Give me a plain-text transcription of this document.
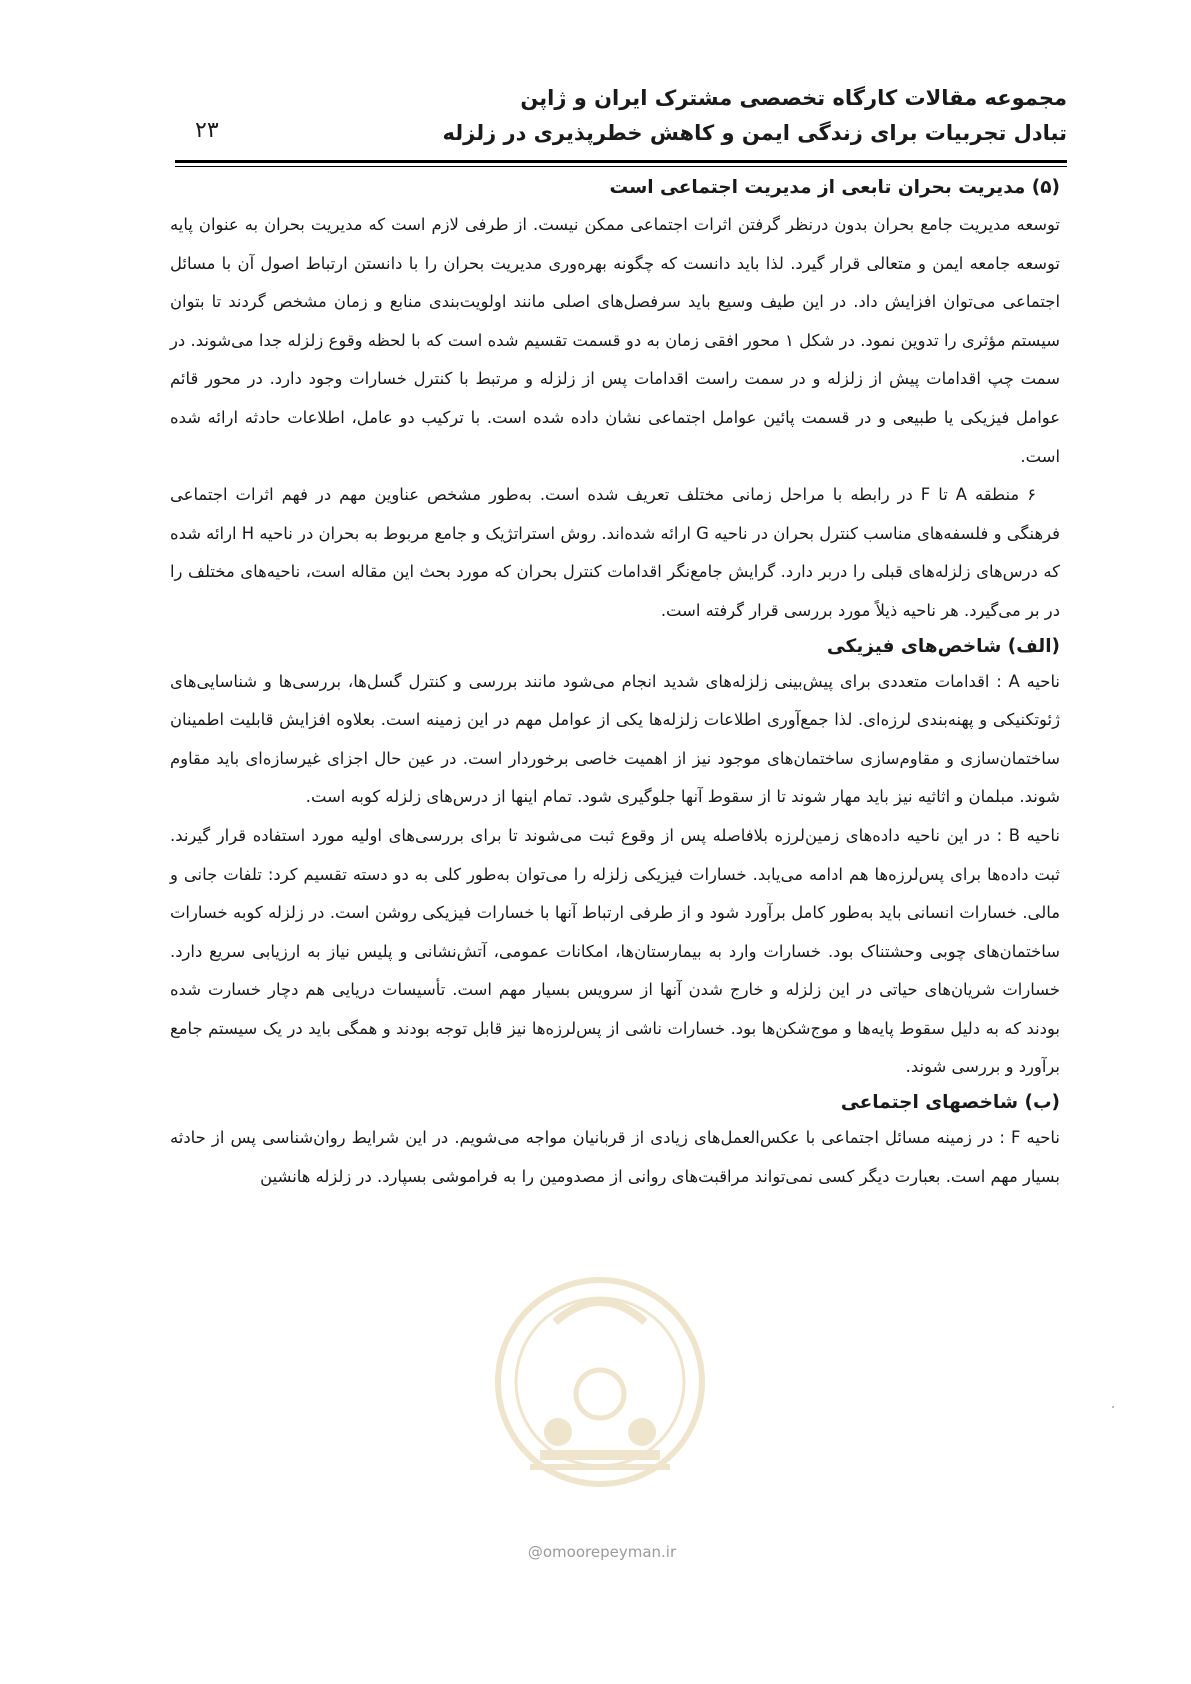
مجموعه مقالات کارگاه تخصصی مشترک ایران و ژاپن
تبادل تجربیات برای زندگی ایمن و کاهش خطرپذیری در زلزله
۲۳
(۵) مدیریت بحران تابعی از مدیریت اجتماعی است

توسعه مدیریت جامع بحران بدون درنظر گرفتن اثرات اجتماعی ممکن نیست. از طرفی لازم است که مدیریت بحران به عنوان پایه توسعه جامعه ایمن و متعالی قرار گیرد. لذا باید دانست که چگونه بهره‌وری مدیریت بحران را با دانستن ارتباط اصول آن با مسائل اجتماعی می‌توان افزایش داد. در این طیف وسیع باید سرفصل‌های اصلی مانند اولویت‌بندی منابع و زمان مشخص گردند تا بتوان سیستم مؤثری را تدوین نمود. در شکل ۱ محور افقی زمان به دو قسمت تقسیم شده است که با لحظه وقوع زلزله جدا می‌شوند. در سمت چپ اقدامات پیش از زلزله و در سمت راست اقدامات پس از زلزله و مرتبط با کنترل خسارات وجود دارد. در محور قائم عوامل فیزیکی یا طبیعی و در قسمت پائین عوامل اجتماعی نشان داده شده است. با ترکیب دو عامل، اطلاعات حادثه ارائه شده است.

۶ منطقه A تا F در رابطه با مراحل زمانی مختلف تعریف شده است. به‌طور مشخص عناوین مهم در فهم اثرات اجتماعی فرهنگی و فلسفه‌های مناسب کنترل بحران در ناحیه G ارائه شده‌اند. روش استراتژیک و جامع مربوط به بحران در ناحیه H ارائه شده که درس‌های زلزله‌های قبلی را دربر دارد. گرایش جامع‌نگر اقدامات کنترل بحران که مورد بحث این مقاله است، ناحیه‌های مختلف را در بر می‌گیرد. هر ناحیه ذیلاً مورد بررسی قرار گرفته است.

(الف) شاخص‌های فیزیکی

ناحیه A : اقدامات متعددی برای پیش‌بینی زلزله‌های شدید انجام می‌شود مانند بررسی و کنترل گسل‌ها، بررسی‌ها و شناسایی‌های ژئوتکنیکی و پهنه‌بندی لرزه‌ای. لذا جمع‌آوری اطلاعات زلزله‌ها یکی از عوامل مهم در این زمینه است. بعلاوه افزایش قابلیت اطمینان ساختمان‌سازی و مقاوم‌سازی ساختمان‌های موجود نیز از اهمیت خاصی برخوردار است. در عین حال اجزای غیرسازه‌ای باید مقاوم شوند. مبلمان و اثاثیه نیز باید مهار شوند تا از سقوط آنها جلوگیری شود. تمام اینها از درس‌های زلزله کوبه است.

ناحیه B : در این ناحیه داده‌های زمین‌لرزه بلافاصله پس از وقوع ثبت می‌شوند تا برای بررسی‌های اولیه مورد استفاده قرار گیرند. ثبت داده‌ها برای پس‌لرزه‌ها هم ادامه می‌یابد. خسارات فیزیکی زلزله را می‌توان به‌طور کلی به دو دسته تقسیم کرد: تلفات جانی و مالی. خسارات انسانی باید به‌طور کامل برآورد شود و از طرفی ارتباط آنها با خسارات فیزیکی روشن است. در زلزله کوبه خسارات ساختمان‌های چوبی وحشتناک بود. خسارات وارد به بیمارستان‌ها، امکانات عمومی، آتش‌نشانی و پلیس نیاز به ارزیابی سریع دارد. خسارات شریان‌های حیاتی در این زلزله و خارج شدن آنها از سرویس بسیار مهم است. تأسیسات دریایی هم دچار خسارت شده بودند که به دلیل سقوط پایه‌ها و موج‌شکن‌ها بود. خسارات ناشی از پس‌لرزه‌ها نیز قابل توجه بودند و همگی باید در یک سیستم جامع برآورد و بررسی شوند.

(ب) شاخصهای اجتماعی

ناحیه F : در زمینه مسائل اجتماعی با عکس‌العمل‌های زیادی از قربانیان مواجه می‌شویم. در این شرایط روان‌شناسی پس از حادثه بسیار مهم است. بعبارت دیگر کسی نمی‌تواند مراقبت‌های روانی از مصدومین را به فراموشی بسپارد. در زلزله هانشین

@omoorepeyman.ir
